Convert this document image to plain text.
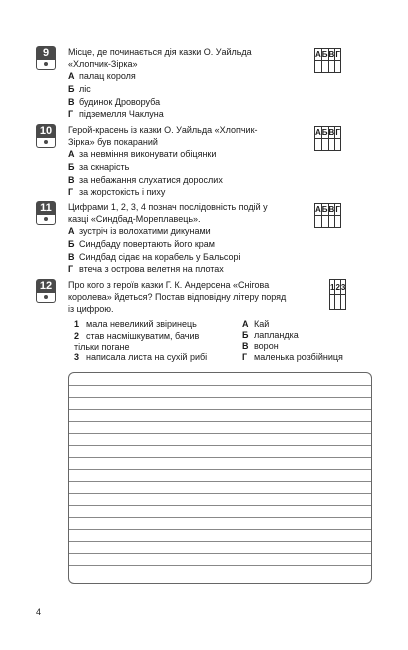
9	Місце, де починається дія казки О. Уайльда «Хлопчик-Зірка»
А палац короля
Б ліс
В будинок Дроворуба
Г підземелля Чаклуна
А	Б	В	Г

10	Герой-красень із казки О. Уайльда «Хлопчик-Зірка» був покараний
А за невміння виконувати обіцянки
Б за скнарість
В за небажання слухатися дорослих
Г за жорстокість і пиху
А	Б	В	Г

11	Цифрами 1, 2, 3, 4 познач послідовність подій у казці «Синдбад-Мореплавець».
А зустріч із волохатими дикунами
Б Синдбаду повертають його крам
В Синдбад сідає на корабель у Бальсорі
Г втеча з острова велетня на плотах
А	Б	В	Г

12	Про кого з героїв казки Г. К. Андерсена «Снігова королева» йдеться? Постав відповідну літеру поряд із цифрою.
1	2	3

1 мала невеликий звіринець
2 став насмішкуватим, бачив тільки погане
3 написала листа на сухій рибі
А Кай
Б лапландка
В ворон
Г маленька розбійниця
4
